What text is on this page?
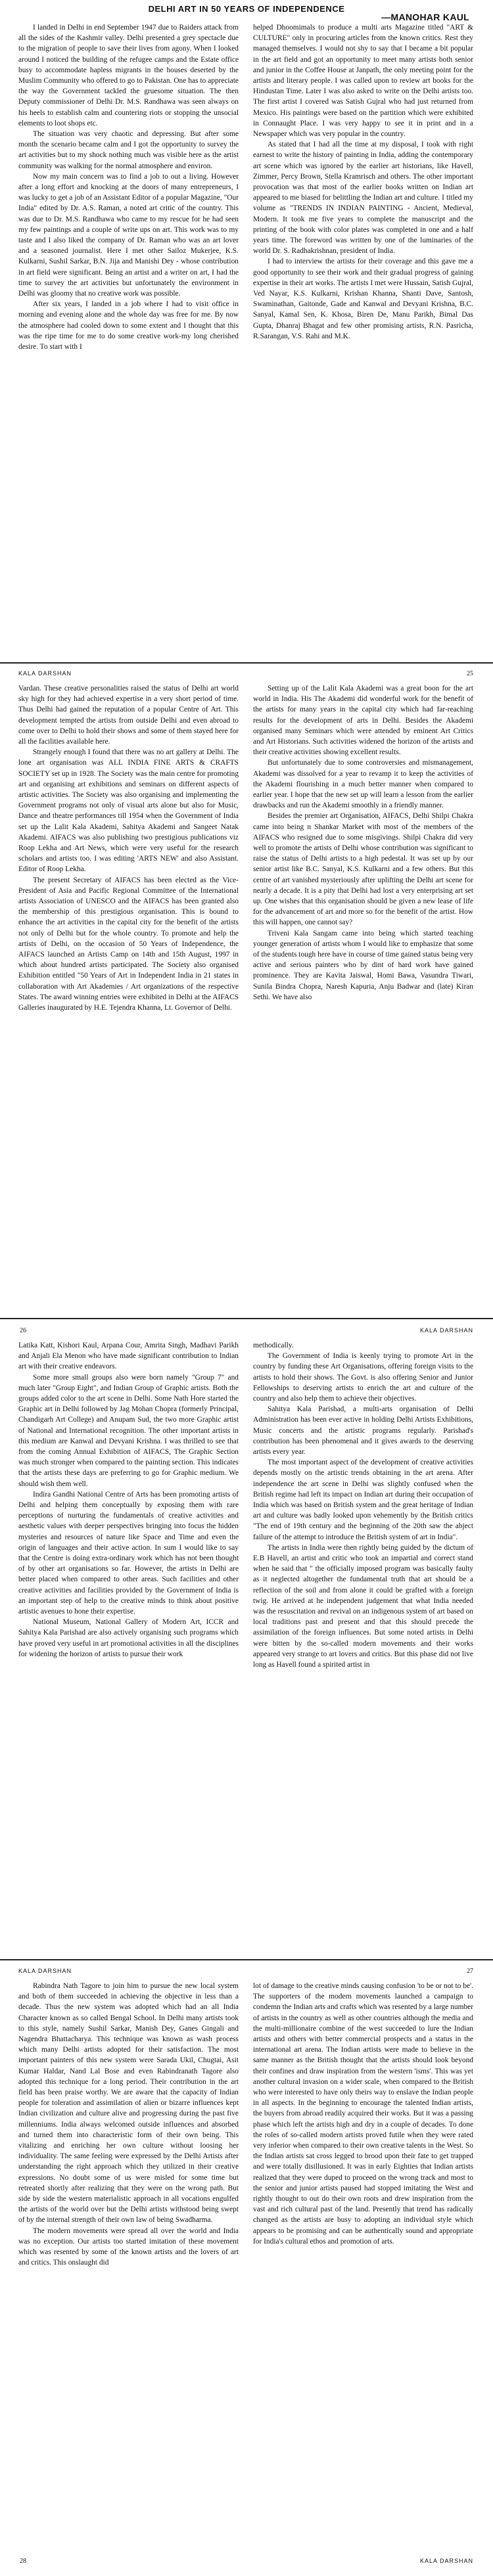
DELHI ART IN 50 YEARS OF INDEPENDENCE
—MANOHAR KAUL

I landed in Delhi in end September 1947 due to Raiders attack from all the sides of the Kashmir valley. Delhi presented a grey spectacle due to the migration of people to save their lives from agony. When I looked around I noticed the building of the refugee camps and the Estate office busy to accommodate hapless migrants in the houses deserted by the Muslim Community who offered to go to Pakistan. One has to appreciate the way the Government tackled the gruesome situation. The then Deputy commissioner of Delhi Dr. M.S. Randhawa was seen always on his heels to establish calm and countering riots or stopping the unsocial elements to loot shops etc.

The situation was very chaotic and depressing. But after some month the scenario became calm and I got the opportunity to survey the art activities but to my shock nothing much was visible here as the artist community was walking for the normal atmosphere and environ.

Now my main concern was to find a job to out a living. However after a long effort and knocking at the doors of many entrepreneurs, I was lucky to get a job of an Assistant Editor of a popular Magazine, "Our India" edited by Dr. A.S. Raman, a noted art critic of the country. This was due to Dr. M.S. Randhawa who came to my rescue for he had seen my few paintings and a couple of write ups on art. This work was to my taste and I also liked the company of Dr. Raman who was an art lover and a seasoned journalist. Here I met other Sailoz Mukerjee, K.S. Kulkarni, Sushil Sarkar, B.N. Jija and Manishi Dey - whose contribution in art field were significant. Being an artist and a writer on art, I had the time to survey the art activities but unfortunately the environment in Delhi was gloomy that no creative work was possible.

After six years, I landed in a job where I had to visit office in morning and evening alone and the whole day was free for me. By now the atmosphere had cooled down to some extent and I thought that this was the ripe time for me to do some creative work-my long cherished desire. To start with I

helped Dhoomimals to produce a multi arts Magazine titled "ART & CULTURE" only in procuring articles from the known critics. Rest they managed themselves. I would not shy to say that I became a bit popular in the art field and got an opportunity to meet many artists both senior and junior in the Coffee House at Janpath, the only meeting point for the artists and literary people. I was called upon to review art books for the Hindustan Time. Later I was also asked to write on the Delhi artists too. The first artist I covered was Satish Gujral who had just returned from Mexico. His paintings were based on the partition which were exhibited in Connaught Place. I was very happy to see it in print and in a Newspaper which was very popular in the country.

As stated that I had all the time at my disposal, I took with right earnest to write the history of painting in India, adding the contemporary art scene which was ignored by the earlier art historians, like Havell, Zimmer, Percy Brown, Stella Kramrisch and others. The other important provocation was that most of the earlier books written on Indian art appeared to me biased for belittling the Indian art and culture. I titled my volume as "TRENDS IN INDIAN PAINTING - Ancient, Medieval, Modern. It took me five years to complete the manuscript and the printing of the book with color plates was completed in one and a half years time. The foreword was written by one of the luminaries of the world Dr. S. Radhakrishnan, president of India.

I had to interview the artists for their coverage and this gave me a good opportunity to see their work and their gradual progress of gaining expertise in their art works. The artists I met were Hussain, Satish Gujral, Ved Nayar, K.S. Kulkarni, Krishan Khanna, Shanti Dave, Santosh, Swaminathan, Gaitonde, Gade and Kanwal and Devyani Krishna, B.C. Sanyal, Kamal Sen, K. Khosa, Biren De, Manu Parikh, Bimal Das Gupta, Dhanraj Bhagat and few other promising artists, R.N. Pasricha, R.Sarangan, V.S. Rahi and M.K.

KALA DARSHAN	25

Vardan. These creative personalities raised the status of Delhi art world sky high for they had achieved expertise in a very short period of time. Thus Delhi had gained the reputation of a popular Centre of Art. This development tempted the artists from outside Delhi and even abroad to come over to Delhi to hold their shows and some of them stayed here for all the facilities available here.

Strangely enough I found that there was no art gallery at Delhi. The lone art organisation was ALL INDIA FINE ARTS & CRAFTS SOCIETY set up in 1928. The Society was the main centre for promoting art and organising art exhibitions and seminars on different aspects of artistic activities. The Society was also organising and implementing the Government programs not only of visual arts alone but also for Music, Dance and theatre performances till 1954 when the Government of India set up the Lalit Kala Akademi, Sahitya Akademi and Sangeet Natak Akademi. AIFACS was also publishing two prestigious publications viz Roop Lekha and Art News, which were very useful for the research scholars and artists too. I was editing 'ARTS NEW' and also Assistant. Editor of Roop Lekha.

The present Secretary of AIFACS has been elected as the Vice-President of Asia and Pacific Regional Committee of the International artists Association of UNESCO and the AIFACS has been granted also the membership of this prestigious organisation. This is bound to enhance the art activities in the capital city for the benefit of the artists not only of Delhi but for the whole country. To promote and help the artists of Delhi, on the occasion of 50 Years of Independence, the AIFACS launched an Artists Camp on 14th and 15th August, 1997 in which about hundred artists participated. The Society also organised Exhibition entitled "50 Years of Art in Independent India in 21 states in collaboration with Art Akademies / Art organizations of the respective States. The award winning entries were exhibited in Delhi at the AIFACS Galleries inaugurated by H.E. Tejendra Khanna, Lt. Governor of Delhi.

Setting up of the Lalit Kala Akademi was a great boon for the art world in India. His The Akademi did wonderful work for the benefit of the artists for many years in the capital city which had far-reaching results for the development of arts in Delhi. Besides the Akademi organised many Seminars which were attended by eminent Art Critics and Art Historians. Such activities widened the horizon of the artists and their creative activities showing excellent results.

But unfortunately due to some controversies and mismanagement, Akademi was dissolved for a year to revamp it to keep the activities of the Akademi flourishing in a much better manner when compared to earlier year. I hope that the new set up will learn a lesson from the earlier drawbacks and run the Akademi smoothly in a friendly manner.

Besides the premier art Organisation, AIFACS, Delhi Shilpi Chakra came into being n Shankar Market with most of the members of the AIFACS who resigned due to some misgivings. Shilpi Chakra did very well to promote the artists of Delhi whose contribution was significant to raise the status of Delhi artists to a high pedestal. It was set up by our senior artist like B.C. Sanyal, K.S. Kulkarni and a few others. But this centre of art vanished mysteriously after uplifting the Delhi art scene for nearly a decade. It is a pity that Delhi had lost a very enterprising art set up. One wishes that this organisation should be given a new lease of life for the advancement of art and more so for the benefit of the artist. How this will happen, one cannot say?

Triveni Kala Sangam came into being which started teaching younger generation of artists whom I would like to emphasize that some of the students tough here have in course of time gained status being very active and serious painters who by dint of hard work have gained prominence. They are Kavita Jaiswal, Homi Bawa, Vasundra Tiwari, Sunila Bindra Chopra, Naresh Kapuria, Anju Badwar and (late) Kiran Sethi. We have also

26	KALA DARSHAN

Latika Katt, Kishori Kaul, Arpana Cour, Amrita Singh, Madhavi Parikh and Anjali Ela Menon who have made significant contribution to Indian art with their creative endeavors.

Some more small groups also were born namely "Group 7" and much later "Group Eight", and Indian Group of Graphic artists. Both the groups added color to the art scene in Delhi. Some Nath Hore started the Graphic art in Delhi followed by Jag Mohan Chopra (formerly Principal, Chandigarh Art College) and Anupam Sud, the two more Graphic artist of National and International recognition. The other important artists in this medium are Kanwal and Devyani Krishna. I was thrilled to see that from the coming Annual Exhibition of AIFACS, The Graphic Section was much stronger when compared to the painting section. This indicates that the artists these days are preferring to go for Graphic medium. We should wish them well.

Indira Gandhi National Centre of Arts has been promoting artists of Delhi and helping them conceptually by exposing them with rare perceptions of nurturing the fundamentals of creative activities and aesthetic values with deeper perspectives bringing into focus the hidden mysteries and resources of nature like Space and Time and even the origin of languages and their active action. In sum I would like to say that the Centre is doing extra-ordinary work which has not been thought of by other art organisations so far. However, the artists in Delhi are better placed when compared to other areas. Such facilities and other creative activities and facilities provided by the Government of India is an important step of help to the creative minds to think about positive artistic avenues to hone their expertise.

National Museum, National Gallery of Modern Art, ICCR and Sahitya Kala Parishad are also actively organising such programs which have proved very useful in art promotional activities in all the disciplines for widening the horizon of artists to pursue their work

methodically.

The Government of India is keenly trying to promote Art in the country by funding these Art Organisations, offering foreign visits to the artists to hold their shows. The Govt. is also offering Senior and Junior Fellowships to deserving artists to enrich the art and culture of the country and also help them to achieve their objectives.

Sahitya Kala Parishad, a multi-arts organisation of Delhi Administration has been ever active in holding Delhi Artists Exhibitions, Music concerts and the artistic programs regularly. Parishad's contribution has been phenomenal and it gives awards to the deserving artists every year.

The most important aspect of the development of creative activities depends mostly on the artistic trends obtaining in the art arena. After independence the art scene in Delhi was slightly confused when the British regime had left its impact on Indian art during their occupation of India which was based on British system and the great heritage of Indian art and culture was badly looked upon vehemently by the British critics "The end of 19th century and the beginning of the 20th saw the abject failure of the attempt to introduce the British system of art in India".

The artists in India were then rightly being guided by the dictum of E.B Havell, an artist and critic who took an impartial and correct stand when he said that " the officially imposed program was basically faulty as it neglected altogether the fundamental truth that art should be a reflection of the soil and from alone it could be grafted with a foreign twig. He arrived at he independent judgement that what India needed was the resuscitation and revival on an indigenous system of art based on local traditions past and present and that this should precede the assimilation of the foreign influences. But some noted artists in Delhi were bitten by the so-called modern movements and their works appeared very strange to art lovers and critics. But this phase did not live long as Havell found a spirited artist in

KALA DARSHAN	27

Rabindra Nath Tagore to join him to pursue the new local system and both of them succeeded in achieving the objective in less than a decade. Thus the new system was adopted which had an all India Character known as so called Bengal School. In Delhi many artists took to this style, namely Sushil Sarkar, Manish Dey, Ganes Gingali and Nagendra Bhattacharya. This technique was known as wash process which many Delhi artists adopted for their satisfaction. The most important painters of this new system were Sarada Ukil, Chugtai, Asit Kumar Haldar, Nand Lal Bose and even Rabindranath Tagore also adopted this technique for a long period. Their contribution in the art field has been praise worthy. We are aware that the capacity of Indian people for toleration and assimilation of alien or bizarre influences kept Indian civilization and culture alive and progressing during the past five millenniums. India always welcomed outside influences and absorbed and turned them into characteristic form of their own being. This vitalizing and enriching her own culture without loosing her individuality. The same feeling were expressed by the Delhi Artists after understanding the right approach which they utilized in their creative expressions. No doubt some of us were misled for some time but retreated shortly after realizing that they were on the wrong path. But side by side the western materialistic approach in all vocations engulfed the artists of the world over but the Delhi artists withstood being swept of by the internal strength of their own law of being Swadharma.

The modern movements were spread all over the world and India was no exception. Our artists too started imitation of these movement which was resented by some of the known artists and the lovers of art and critics. This onslaught did

lot of damage to the creative minds causing confusion 'to be or not to be'. The supporters of the modern movements launched a campaign to condemn the Indian arts and crafts which was resented by a large number of artists in the country as well as other countries although the media and the multi-millionaire combine of the west succeeded to lure the Indian artists and others with better commercial prospects and a status in the international art arena. The Indian artists were made to believe in the same manner as the British thought that the artists should look beyond their confines and draw inspiration from the western 'isms'. This was yet another cultural invasion on a wider scale, when compared to the British who were interested to have only theirs way to enslave the Indian people in all aspects. In the beginning to encourage the talented Indian artists, the buyers from abroad readily acquired their works. But it was a passing phase which left the artists high and dry in a couple of decades. To done the roles of so-called modern artists proved futile when they were rated very inferior when compared to their own creative talents in the West. So the Indian artists sat cross legged to brood upon their fate to get trapped and were totally disillusioned. It was in early Eighties that Indian artists realized that they were duped to proceed on the wrong track and most to the senior and junior artists paused had stopped imitating the West and rightly thought to out do their own roots and drew inspiration from the vast and rich cultural past of the land. Presently that trend has radically changed as the artists are busy to adopting an individual style which appears to be promising and can be authentically sound and appropriate for India's cultural ethos and promotion of arts.

28	KALA DARSHAN
